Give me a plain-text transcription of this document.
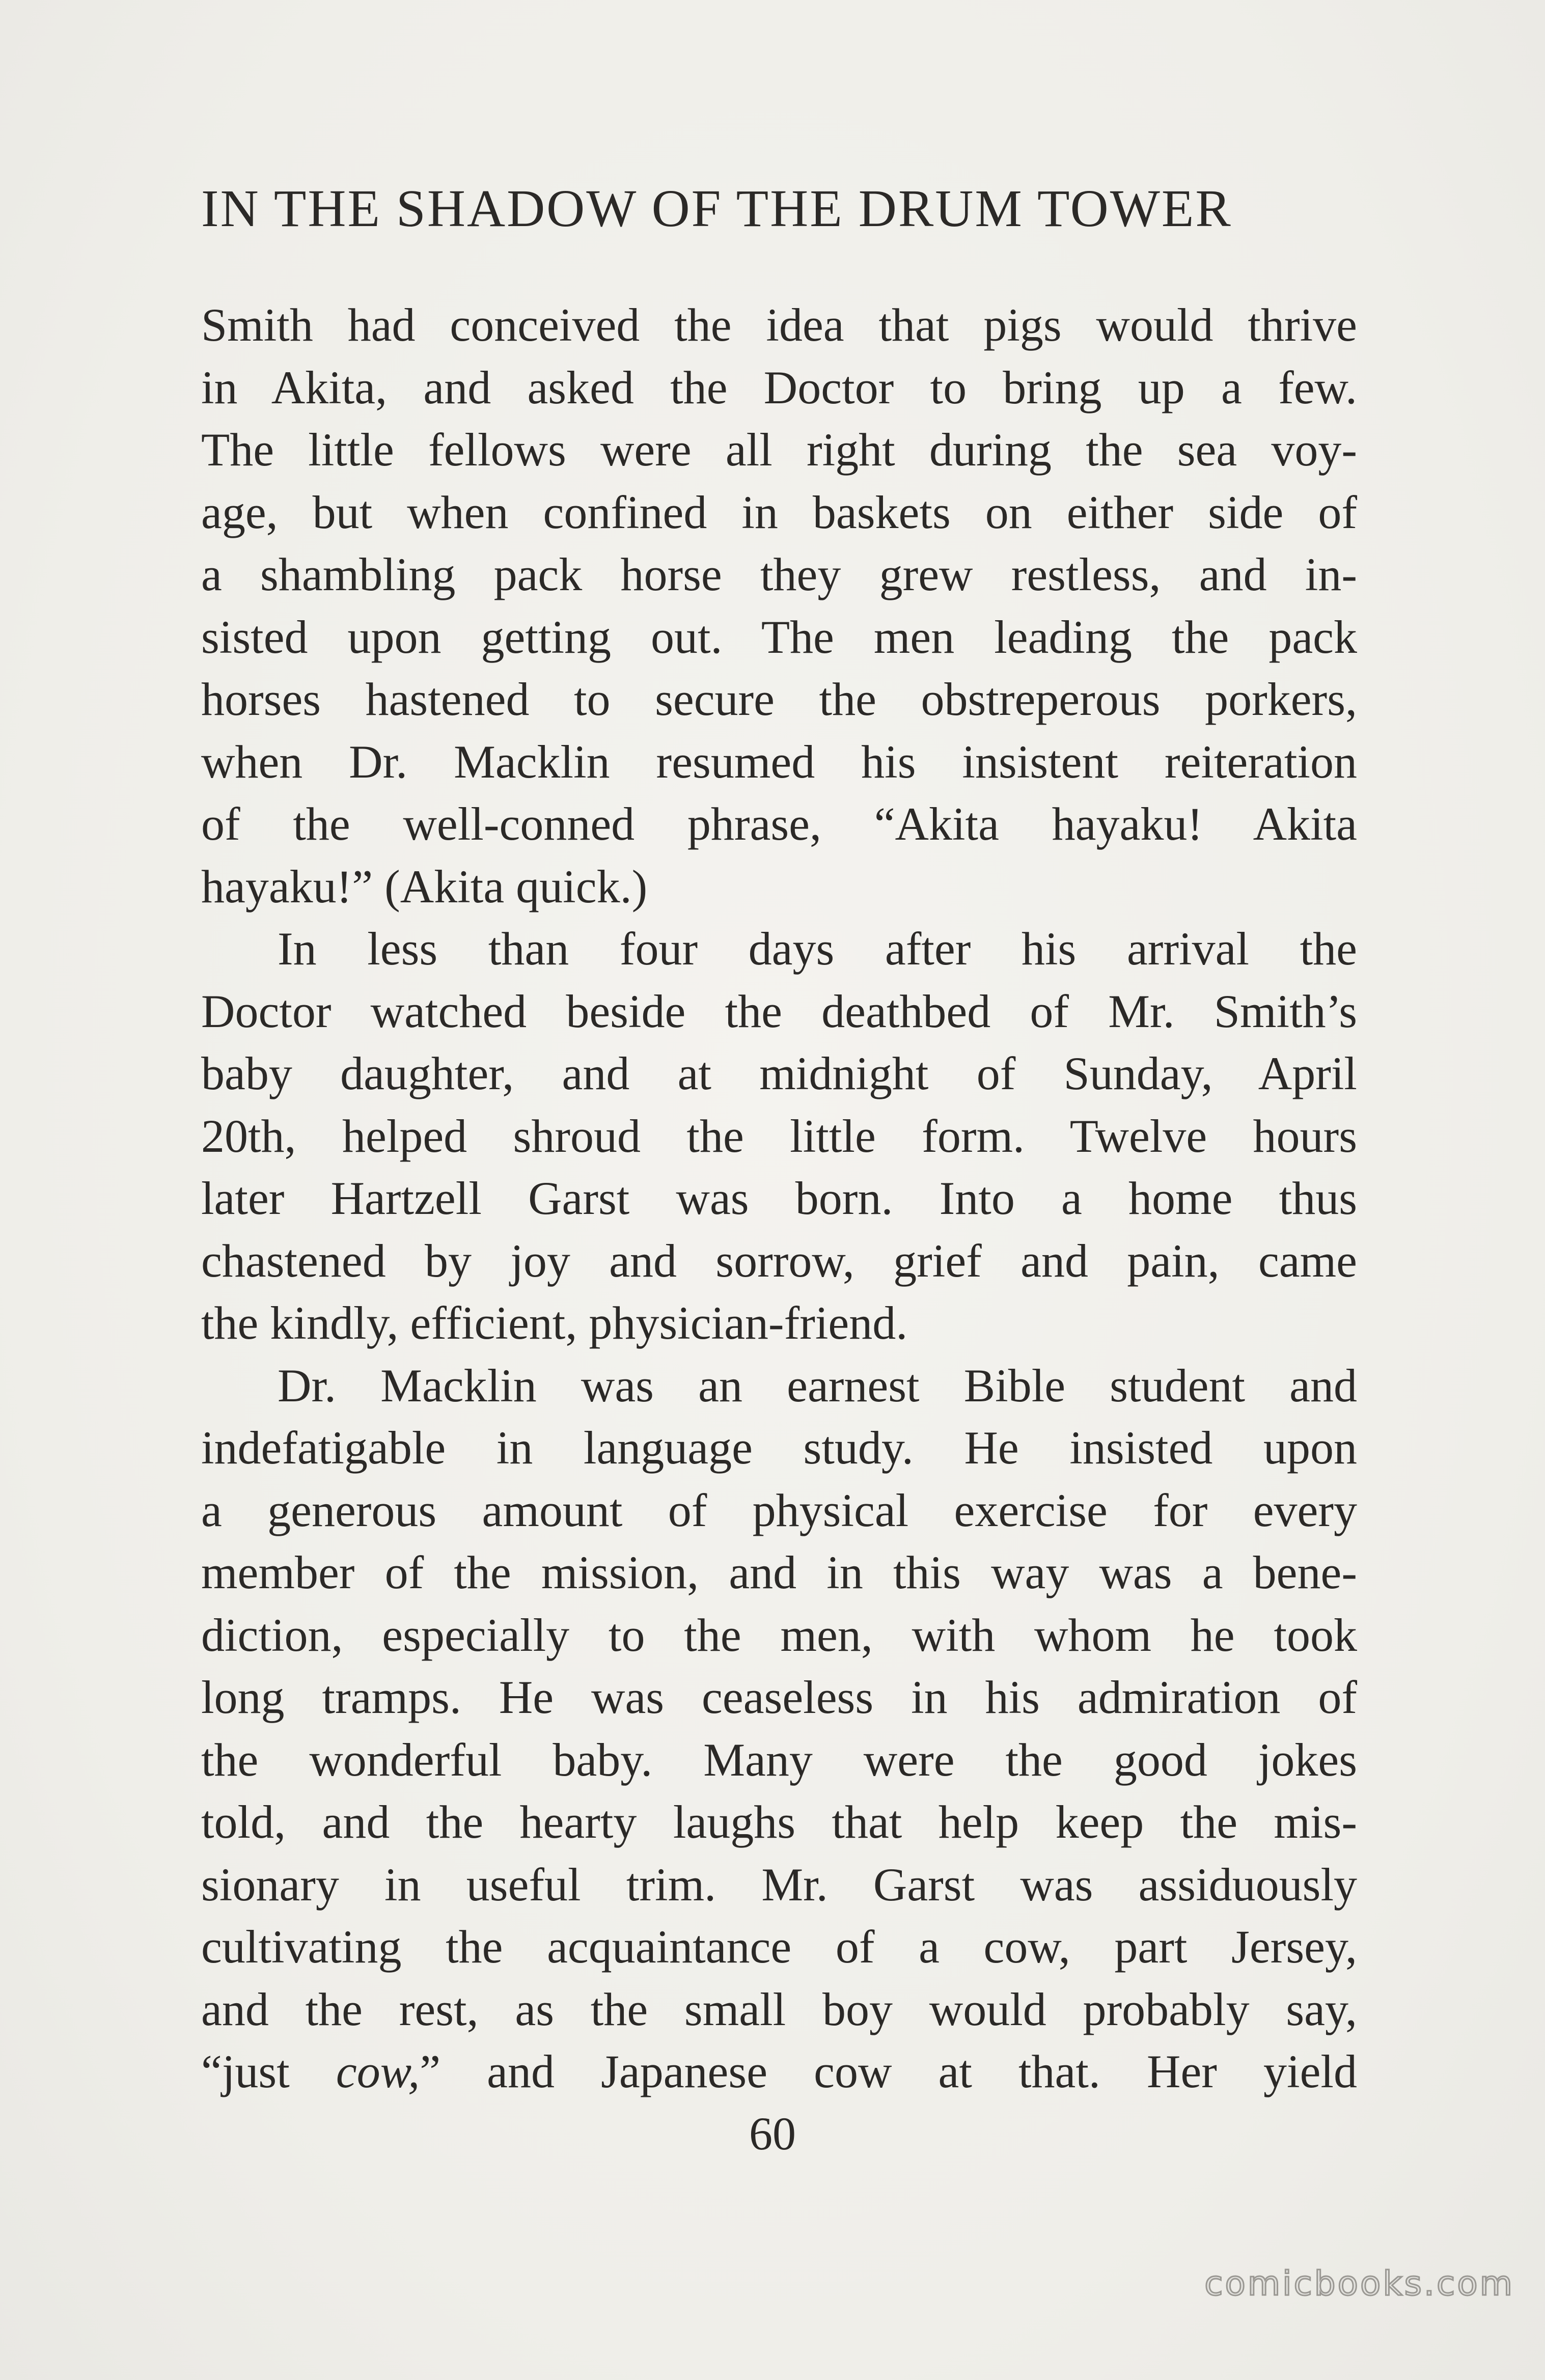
IN THE SHADOW OF THE DRUM TOWER
Smith had conceived the idea that pigs would thrive
in Akita, and asked the Doctor to bring up a few.
The little fellows were all right during the sea voy-
age, but when confined in baskets on either side of
a shambling pack horse they grew restless, and in-
sisted upon getting out. The men leading the pack
horses hastened to secure the obstreperous porkers,
when Dr. Macklin resumed his insistent reiteration
of the well-conned phrase, “Akita hayaku! Akita
hayaku!” (Akita quick.)
In less than four days after his arrival the
Doctor watched beside the deathbed of Mr. Smith’s
baby daughter, and at midnight of Sunday, April
20th, helped shroud the little form. Twelve hours
later Hartzell Garst was born. Into a home thus
chastened by joy and sorrow, grief and pain, came
the kindly, efficient, physician-friend.
Dr. Macklin was an earnest Bible student and
indefatigable in language study. He insisted upon
a generous amount of physical exercise for every
member of the mission, and in this way was a bene-
diction, especially to the men, with whom he took
long tramps. He was ceaseless in his admiration of
the wonderful baby. Many were the good jokes
told, and the hearty laughs that help keep the mis-
sionary in useful trim. Mr. Garst was assiduously
cultivating the acquaintance of a cow, part Jersey,
and the rest, as the small boy would probably say,
“just cow,” and Japanese cow at that. Her yield
60
comicbooks.com
